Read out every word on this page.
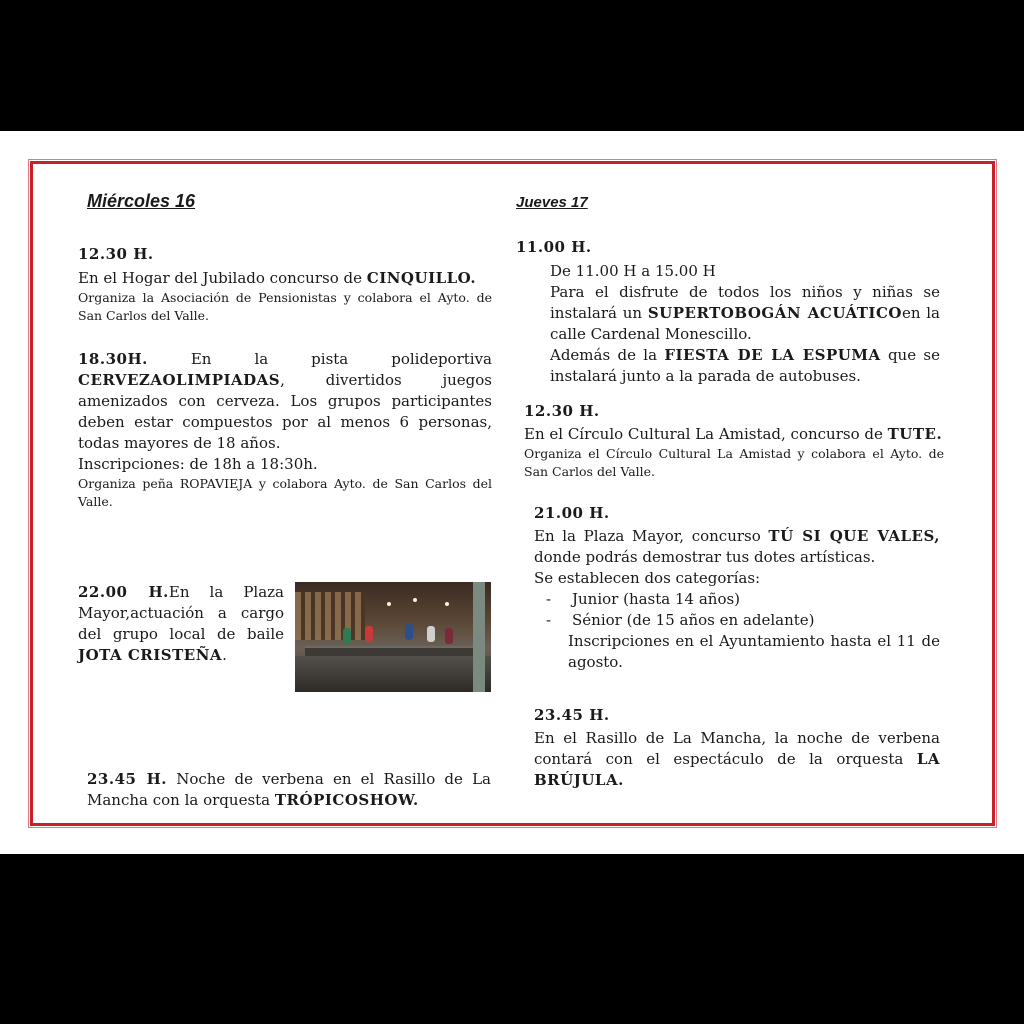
Miércoles 16
12.30 H.
En el Hogar del Jubilado concurso de CINQUILLO.
Organiza la Asociación de Pensionistas y colabora el Ayto. de San Carlos del Valle.
18.30H. En la pista polideportiva CERVEZAOLIMPIADAS, divertidos juegos amenizados con cerveza. Los grupos participantes deben estar compuestos por al menos 6 personas, todas mayores de 18 años.
Inscripciones: de 18h a 18:30h.
Organiza peña ROPAVIEJA y colabora Ayto. de San Carlos del Valle.
22.00 H.En la Plaza Mayor,actuación a cargo del grupo local de baile JOTA CRISTEÑA.
23.45 H. Noche de verbena en el Rasillo de La Mancha con la orquesta TRÓPICOSHOW.
Jueves 17
11.00 H.
De 11.00 H a 15.00 H
Para el disfrute de todos los niños y niñas se instalará un SUPERTOBOGÁN ACUÁTICOen la calle Cardenal Monescillo.
Además de la FIESTA DE LA ESPUMA que se instalará junto a la parada de autobuses.
12.30 H.
En el Círculo Cultural La Amistad, concurso de TUTE.
Organiza el Círculo Cultural La Amistad y colabora el Ayto. de San Carlos del Valle.
21.00 H.
En la Plaza Mayor, concurso TÚ SI QUE VALES, donde podrás demostrar tus dotes artísticas.
Se establecen dos categorías:
- Junior (hasta 14 años)
- Sénior (de 15 años en adelante)
Inscripciones en el Ayuntamiento hasta el 11 de agosto.
23.45 H.
En el Rasillo de La Mancha, la noche de verbena contará con el espectáculo de la orquesta LA BRÚJULA.
